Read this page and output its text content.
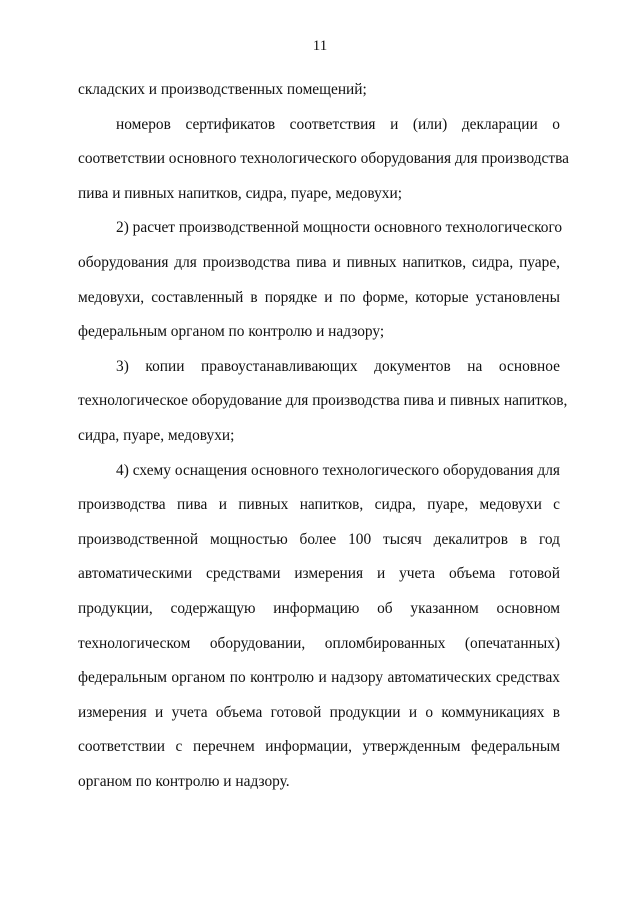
11
складских и производственных помещений;
номеров сертификатов соответствия и (или) декларации о
соответствии основного технологического оборудования для производства
пива и пивных напитков, сидра, пуаре, медовухи;
2) расчет производственной мощности основного технологического
оборудования для производства пива и пивных напитков, сидра, пуаре,
медовухи, составленный в порядке и по форме, которые установлены
федеральным органом по контролю и надзору;
3) копии правоустанавливающих документов на основное
технологическое оборудование для производства пива и пивных напитков,
сидра, пуаре, медовухи;
4) схему оснащения основного технологического оборудования для
производства пива и пивных напитков, сидра, пуаре, медовухи с
производственной мощностью более 100 тысяч декалитров в год
автоматическими средствами измерения и учета объема готовой
продукции, содержащую информацию об указанном основном
технологическом оборудовании, опломбированных (опечатанных)
федеральным органом по контролю и надзору автоматических средствах
измерения и учета объема готовой продукции и о коммуникациях в
соответствии с перечнем информации, утвержденным федеральным
органом по контролю и надзору.
